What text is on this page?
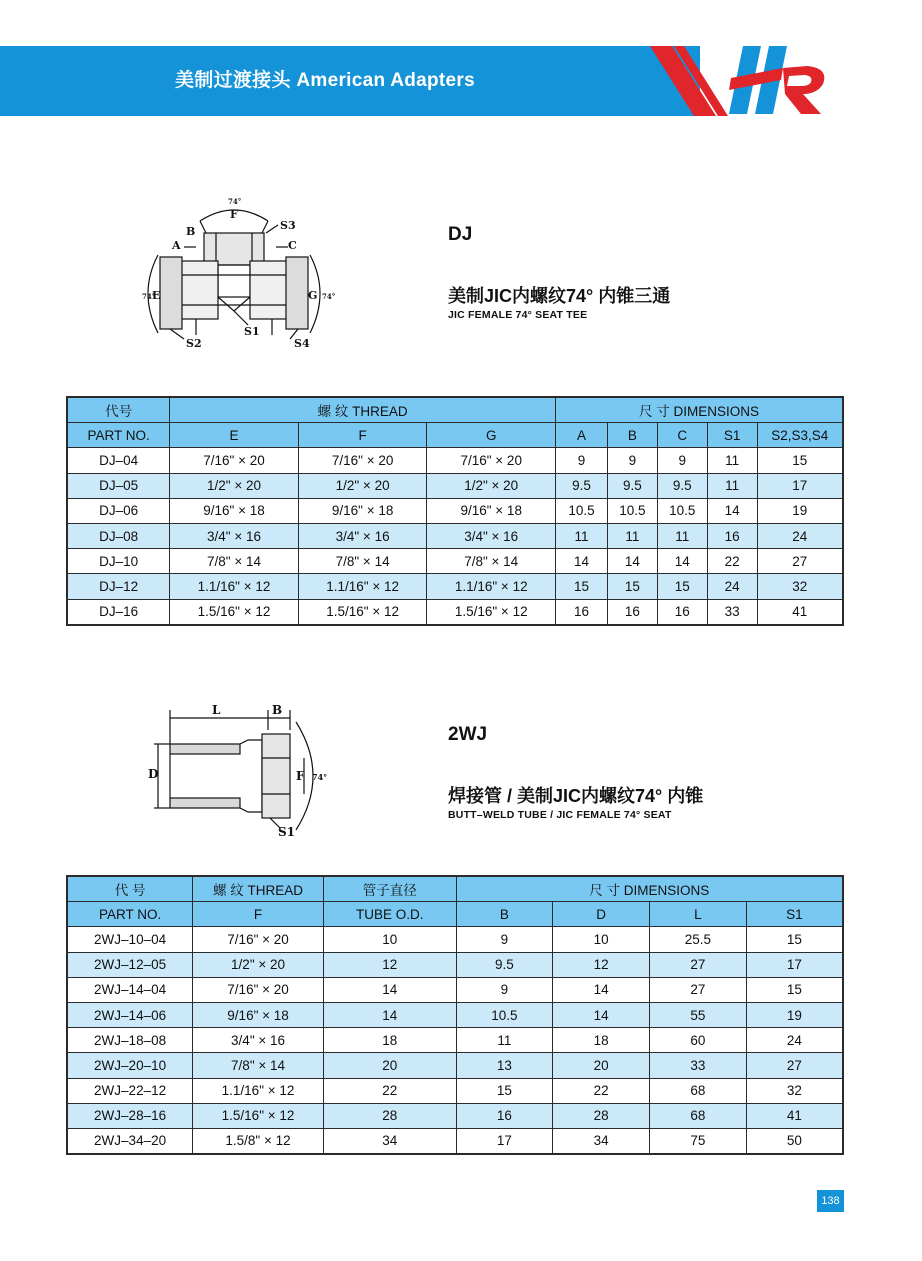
美制过渡接头 American Adapters
74°
F
S3
B
A	C
74°
E	G 74°
S1
S2	S4
DJ
美制JIC内螺纹74° 内锥三通
JIC FEMALE 74° SEAT TEE
代号	螺 纹 THREAD			尺 寸 DIMENSIONS				
PART NO.	E	F	G	A	B	C	S1	S2,S3,S4
DJ–04	7/16" × 20	7/16" × 20	7/16" × 20	9	9	9	11	15
DJ–05	1/2" × 20	1/2" × 20	1/2" × 20	9.5	9.5	9.5	11	17
DJ–06	9/16" × 18	9/16" × 18	9/16" × 18	10.5	10.5	10.5	14	19
DJ–08	3/4" × 16	3/4" × 16	3/4" × 16	11	11	11	16	24
DJ–10	7/8" × 14	7/8" × 14	7/8" × 14	14	14	14	22	27
DJ–12	1.1/16" × 12	1.1/16" × 12	1.1/16" × 12	15	15	15	24	32
DJ–16	1.5/16" × 12	1.5/16" × 12	1.5/16" × 12	16	16	16	33	41
L	B
D	F 74°
S1
2WJ
焊接管 / 美制JIC内螺纹74° 内锥
BUTT–WELD TUBE / JIC FEMALE 74° SEAT
代 号	螺 纹 THREAD	管子直径	尺 寸 DIMENSIONS			
PART NO.	F	TUBE O.D.	B	D	L	S1
2WJ–10–04	7/16" × 20	10	9	10	25.5	15
2WJ–12–05	1/2" × 20	12	9.5	12	27	17
2WJ–14–04	7/16" × 20	14	9	14	27	15
2WJ–14–06	9/16" × 18	14	10.5	14	55	19
2WJ–18–08	3/4" × 16	18	11	18	60	24
2WJ–20–10	7/8" × 14	20	13	20	33	27
2WJ–22–12	1.1/16" × 12	22	15	22	68	32
2WJ–28–16	1.5/16" × 12	28	16	28	68	41
2WJ–34–20	1.5/8" × 12	34	17	34	75	50
138
